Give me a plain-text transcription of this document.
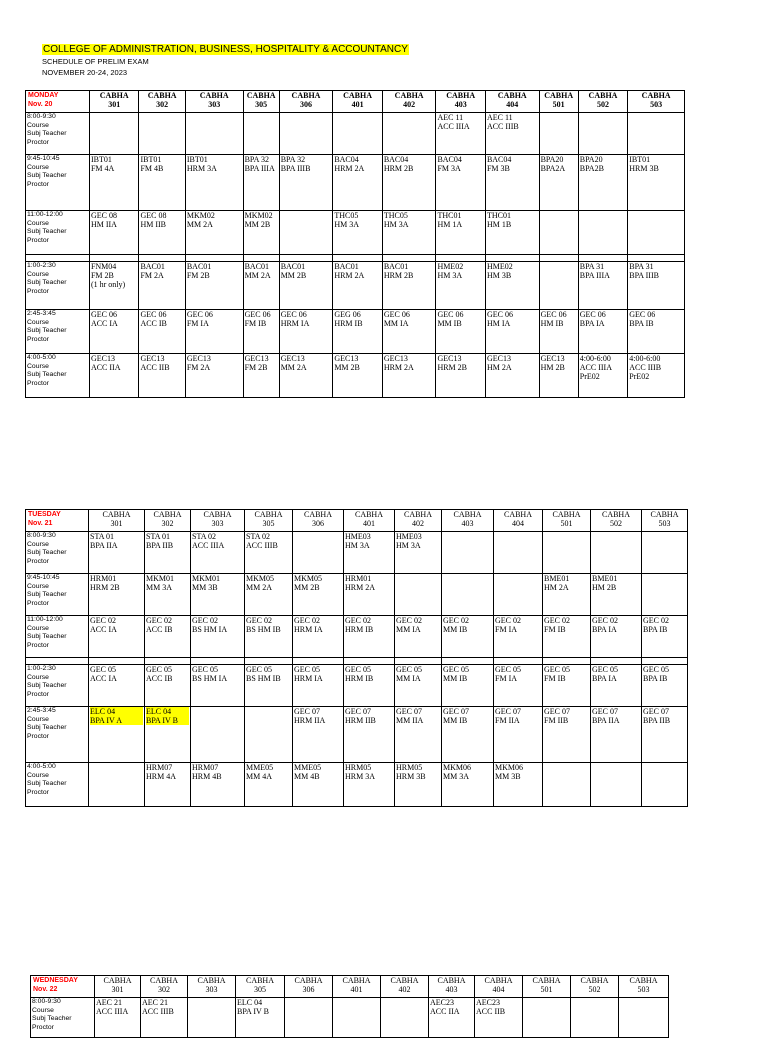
COLLEGE OF ADMINISTRATION, BUSINESS, HOSPITALITY & ACCOUNTANCY
SCHEDULE OF PRELIM EXAM
NOVEMBER 20-24, 2023
MONDAY
Nov. 20	CABHA
301	CABHA
302	CABHA
303	CABHA
305	CABHA
306	CABHA
401	CABHA
402	CABHA
403	CABHA
404	CABHA
501	CABHA
502	CABHA
503

8:00-9:30
Course
Subj Teacher
Proctor								AEC 11
ACC IIIA	AEC 11
ACC IIIB			

9:45-10:45
Course
Subj Teacher
Proctor	IBT01
FM 4A	IBT01
FM 4B	IBT01
HRM 3A	BPA 32
BPA IIIA	BPA 32
BPA IIIB	BAC04
HRM 2A	BAC04
HRM 2B	BAC04
FM 3A	BAC04
FM 3B	BPA20
BPA2A	BPA20
BPA2B	IBT01
HRM 3B

11:00-12:00
Course
Subj Teacher
Proctor	GEC 08
HM IIA	GEC 08
HM IIB	MKM02
MM 2A	MKM02
MM 2B		THC05
HM 3A	THC05
HM 3A	THC01
HM 1A	THC01
HM 1B			

1:00-2:30
Course
Subj Teacher
Proctor	FNM04
FM 2B
(1 hr only)	BAC01
FM 2A	BAC01
FM 2B	BAC01
MM 2A	BAC01
MM 2B	BAC01
HRM 2A	BAC01
HRM 2B	HME02
HM 3A	HME02
HM 3B		BPA 31
BPA IIIA	BPA 31
BPA IIIB

2:45-3:45
Course
Subj Teacher
Proctor	GEC 06
ACC IA	GEC 06
ACC IB	GEC 06
FM IA	GEC 06
FM IB	GEC 06
HRM IA	GEG 06
HRM IB	GEC 06
MM IA	GEC 06
MM IB	GEC 06
HM IA	GEC 06
HM IB	GEC 06
BPA IA	GEC 06
BPA IB

4:00-5:00
Course
Subj Teacher
Proctor	GEC13
ACC IIA	GEC13
ACC IIB	GEC13
FM 2A	GEC13
FM 2B	GEC13
MM 2A	GEC13
MM 2B	GEC13
HRM 2A	GEC13
HRM 2B	GEC13
HM 2A	GEC13
HM 2B	4:00-6:00
ACC IIIA
PrE02	4:00-6:00
ACC IIIB
PrE02
TUESDAY
Nov. 21	CABHA
301	CABHA
302	CABHA
303	CABHA
305	CABHA
306	CABHA
401	CABHA
402	CABHA
403	CABHA
404	CABHA
501	CABHA
502	CABHA
503

8:00-9:30
Course
Subj Teacher
Proctor	STA 01
BPA IIA	STA 01
BPA IIB	STA 02
ACC IIIA	STA 02
ACC IIIB		HME03
HM 3A	HME03
HM 3A					

9:45-10:45
Course
Subj Teacher
Proctor	HRM01
HRM 2B	MKM01
MM 3A	MKM01
MM 3B	MKM05
MM 2A	MKM05
MM 2B	HRM01
HRM 2A				BME01
HM 2A	BME01
HM 2B	

11:00-12:00
Course
Subj Teacher
Proctor	GEC 02
ACC IA	GEC 02
ACC IB	GEC 02
BS HM IA	GEC 02
BS HM IB	GEC 02
HRM IA	GEC 02
HRM IB	GEC 02
MM IA	GEC 02
MM IB	GEC 02
FM IA	GEC 02
FM IB	GEC 02
BPA IA	GEC 02
BPA IB

1:00-2:30
Course
Subj Teacher
Proctor	GEC 05
ACC IA	GEC 05
ACC IB	GEC 05
BS HM IA	GEC 05
BS HM IB	GEC 05
HRM IA	GEC 05
HRM IB	GEC 05
MM IA	GEC 05
MM IB	GEC 05
FM IA	GEC 05
FM IB	GEC 05
BPA IA	GEC 05
BPA IB

2:45-3:45
Course
Subj Teacher
Proctor	ELC 04
BPA IV A	ELC 04
BPA IV B			GEC 07
HRM IIA	GEC 07
HRM IIB	GEC 07
MM IIA	GEC 07
MM IB	GEC 07
FM IIA	GEC 07
FM IIB	GEC 07
BPA IIA	GEC 07
BPA IIB

4:00-5:00
Course
Subj Teacher
Proctor		HRM07
HRM 4A	HRM07
HRM 4B	MME05
MM 4A	MME05
MM 4B	HRM05
HRM 3A	HRM05
HRM 3B	MKM06
MM 3A	MKM06
MM 3B			

WEDNESDAY
Nov. 22	CABHA
301	CABHA
302	CABHA
303	CABHA
305	CABHA
306	CABHA
401	CABHA
402	CABHA
403	CABHA
404	CABHA
501	CABHA
502	CABHA
503

8:00-9:30
Course
Subj Teacher
Proctor	AEC 21
ACC IIIA	AEC 21
ACC IIIB		ELC 04
BPA IV B				AEC23
ACC IIA	AEC23
ACC IIB			
